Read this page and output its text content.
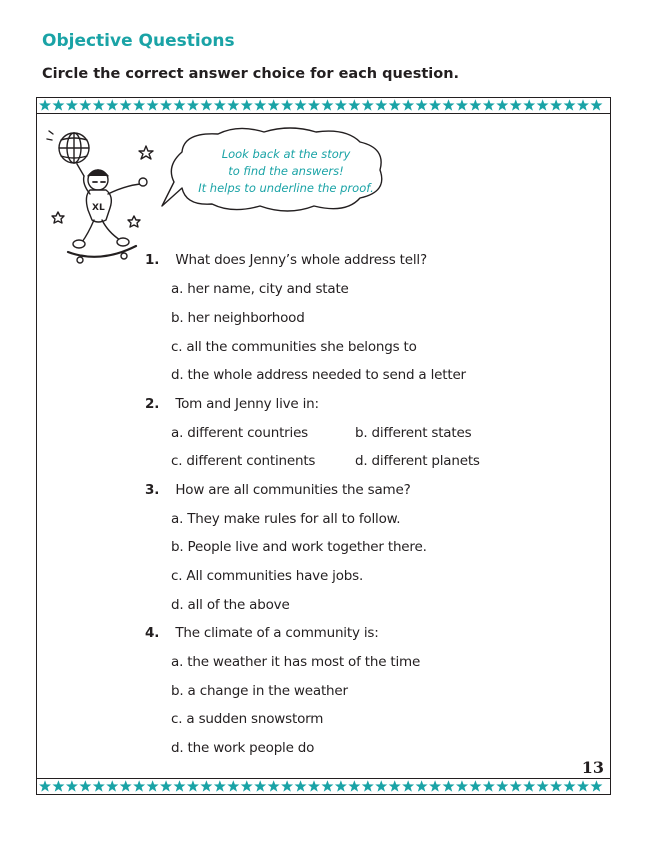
Objective Questions

Circle the correct answer choice for each question.

XL
Look back at the story
to find the answers!
It helps to underline the proof.
1. What does Jenny’s whole address tell?
a. her name, city and state
b. her neighborhood
c. all the communities she belongs to
d. the whole address needed to send a letter
2. Tom and Jenny live in:
a. different countries	b. different states
c. different continents	d. different planets
3. How are all communities the same?
a. They make rules for all to follow.
b. People live and work together there.
c. All communities have jobs.
d. all of the above
4. The climate of a community is:
a. the weather it has most of the time
b. a change in the weather
c. a sudden snowstorm
d. the work people do
13
